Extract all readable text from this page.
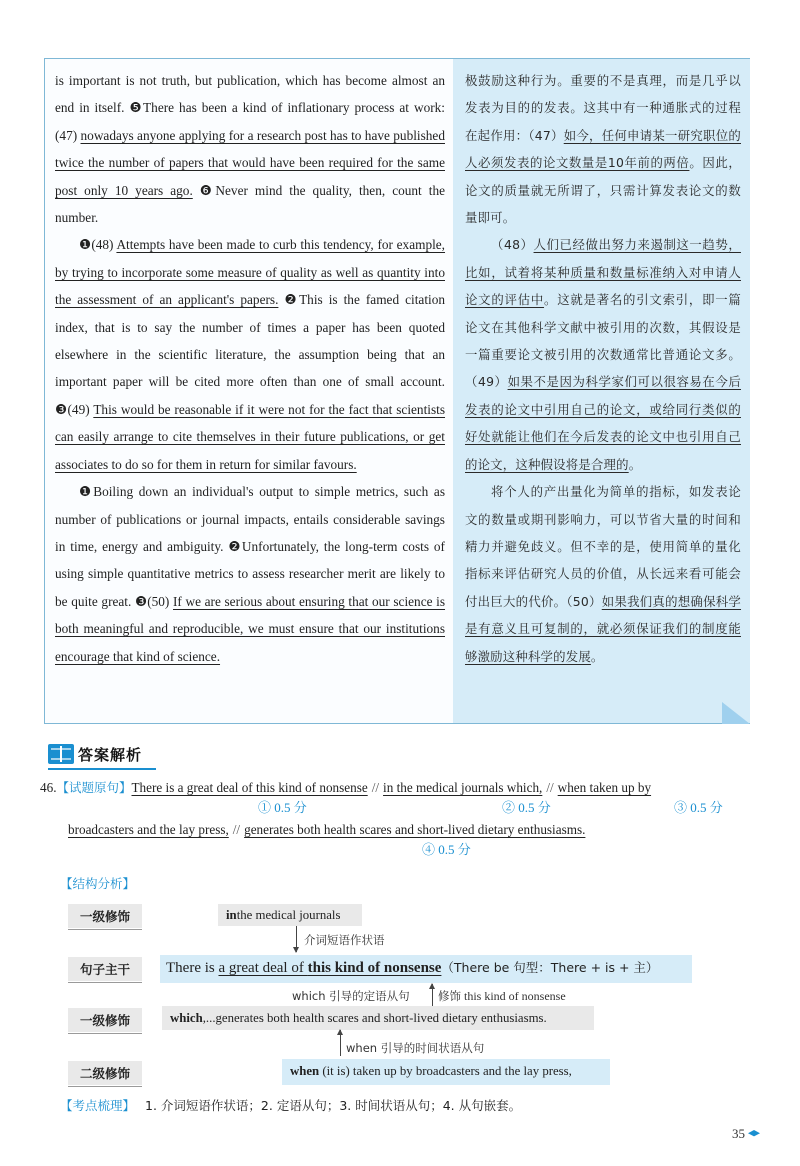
is important is not truth, but publication, which has become almost an end in itself. ❺There has been a kind of inflationary process at work: (47) nowadays anyone applying for a research post has to have published twice the number of papers that would have been required for the same post only 10 years ago. ❻Never mind the quality, then, count the number.

❶(48) Attempts have been made to curb this tendency, for example, by trying to incorporate some measure of quality as well as quantity into the assessment of an applicant's papers. ❷This is the famed citation index, that is to say the number of times a paper has been quoted elsewhere in the scientific literature, the assumption being that an important paper will be cited more often than one of small account. ❸(49) This would be reasonable if it were not for the fact that scientists can easily arrange to cite themselves in their future publications, or get associates to do so for them in return for similar favours.

❶Boiling down an individual's output to simple metrics, such as number of publications or journal impacts, entails considerable savings in time, energy and ambiguity. ❷Unfortunately, the long-term costs of using simple quantitative metrics to assess researcher merit are likely to be quite great. ❸(50) If we are serious about ensuring that our science is both meaningful and reproducible, we must ensure that our institutions encourage that kind of science.

极鼓励这种行为。重要的不是真理，而是几乎以发表为目的的发表。这其中有一种通胀式的过程在起作用：（47）如今，任何申请某一研究职位的人必须发表的论文数量是10年前的两倍。因此，论文的质量就无所谓了，只需计算发表论文的数量即可。

（48）人们已经做出努力来遏制这一趋势，比如，试着将某种质量和数量标准纳入对申请人论文的评估中。这就是著名的引文索引，即一篇论文在其他科学文献中被引用的次数，其假设是一篇重要论文被引用的次数通常比普通论文多。（49）如果不是因为科学家们可以很容易在今后发表的论文中引用自己的论文，或给同行类似的好处就能让他们在今后发表的论文中也引用自己的论文，这种假设将是合理的。

将个人的产出量化为简单的指标，如发表论文的数量或期刊影响力，可以节省大量的时间和精力并避免歧义。但不幸的是，使用简单的量化指标来评估研究人员的价值，从长远来看可能会付出巨大的代价。（50）如果我们真的想确保科学是有意义且可复制的，就必须保证我们的制度能够激励这种科学的发展。

答案解析
46.【试题原句】There is a great deal of this kind of nonsense // in the medical journals which, // when taken up by
① 0.5 分	② 0.5 分	③ 0.5 分
broadcasters and the lay press, // generates both health scares and short-lived dietary enthusiasms.
④ 0.5 分
【结构分析】
一级修饰	in the medical journals
介词短语作状语
句子主干	There is a great deal of this kind of nonsense（There be 句型：There + is + 主）
which 引导的定语从句 修饰 this kind of nonsense
一级修饰	which ,...generates both health scares and short-lived dietary enthusiasms.
when 引导的时间状语从句
二级修饰	when (it is) taken up by broadcasters and the lay press,
【考点梳理】 1. 介词短语作状语；2. 定语从句；3. 时间状语从句；4. 从句嵌套。
35
